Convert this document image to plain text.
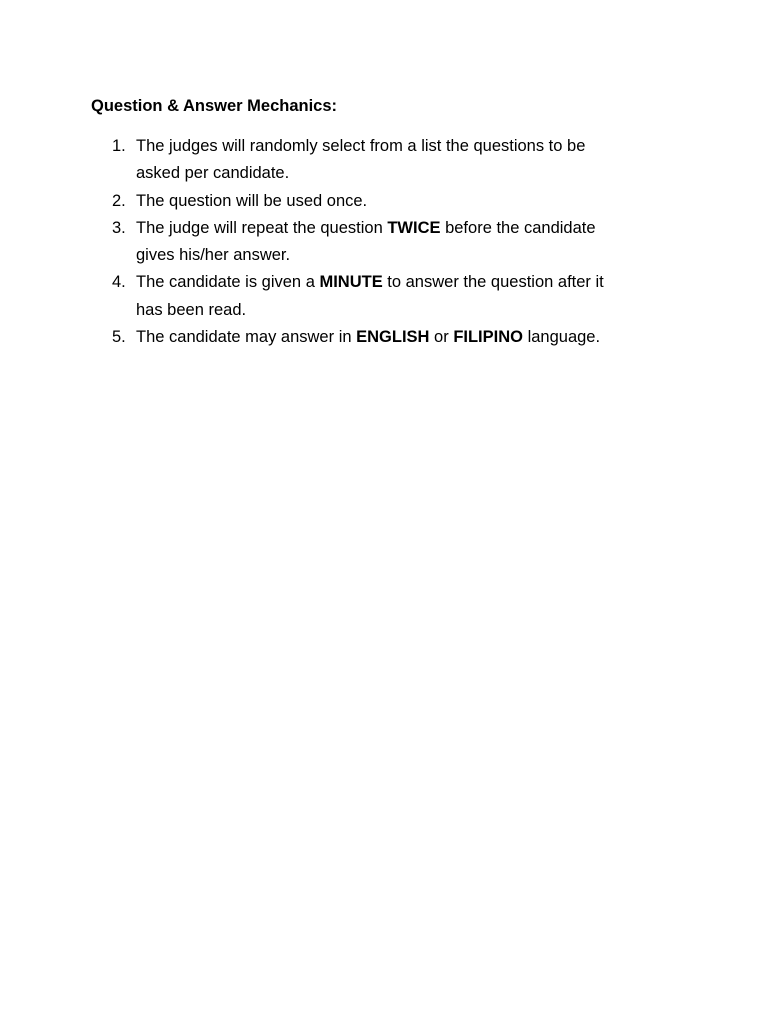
Question & Answer Mechanics:
1. The judges will randomly select from a list the questions to be
asked per candidate.
2. The question will be used once.
3. The judge will repeat the question TWICE before the candidate
gives his/her answer.
4. The candidate is given a MINUTE to answer the question after it
has been read.
5. The candidate may answer in ENGLISH or FILIPINO language.
